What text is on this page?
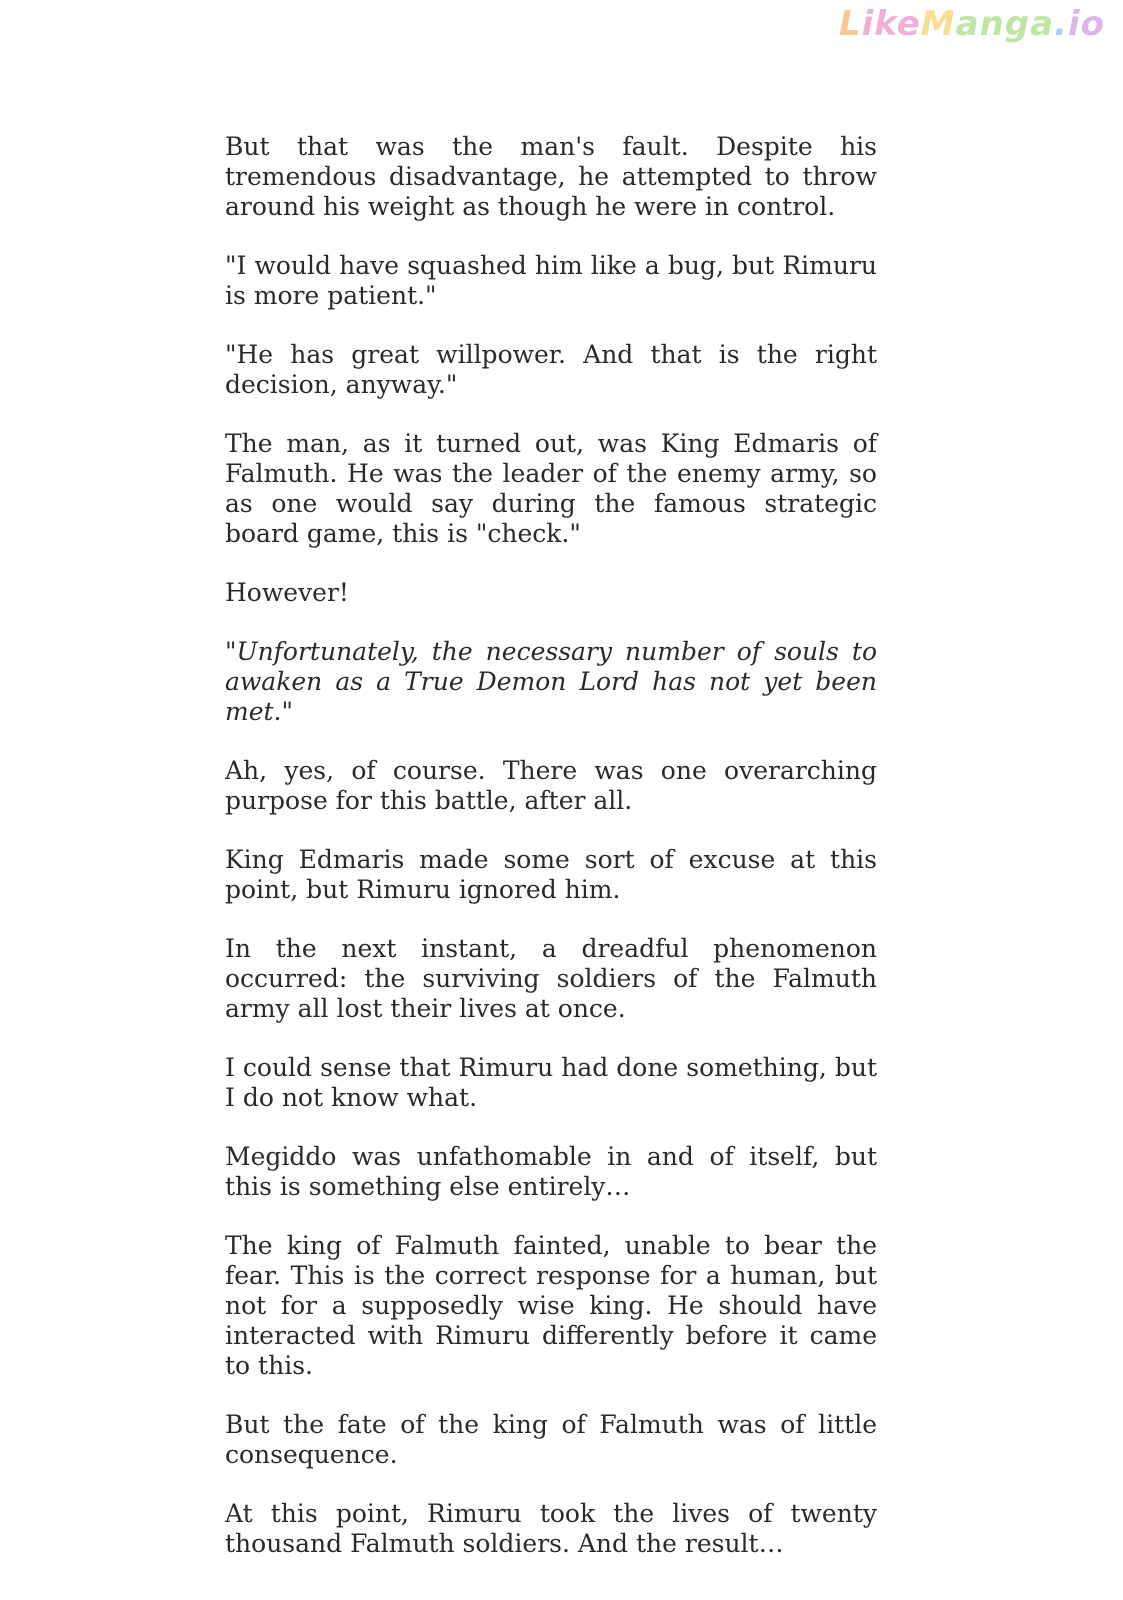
LikeManga.io

But that was the man's fault. Despite his tremendous disadvantage, he attempted to throw around his weight as though he were in control.

"I would have squashed him like a bug, but Rimuru is more patient."

"He has great willpower. And that is the right decision, anyway."

The man, as it turned out, was King Edmaris of Falmuth. He was the leader of the enemy army, so as one would say during the famous strategic board game, this is "check."

However!

"Unfortunately, the necessary number of souls to awaken as a True Demon Lord has not yet been met."

Ah, yes, of course. There was one overarching purpose for this battle, after all.

King Edmaris made some sort of excuse at this point, but Rimuru ignored him.

In the next instant, a dreadful phenomenon occurred: the surviving soldiers of the Falmuth army all lost their lives at once.

I could sense that Rimuru had done something, but I do not know what.

Megiddo was unfathomable in and of itself, but this is something else entirely…

The king of Falmuth fainted, unable to bear the fear. This is the correct response for a human, but not for a supposedly wise king. He should have interacted with Rimuru differently before it came to this.

But the fate of the king of Falmuth was of little consequence.

At this point, Rimuru took the lives of twenty thousand Falmuth soldiers. And the result…
